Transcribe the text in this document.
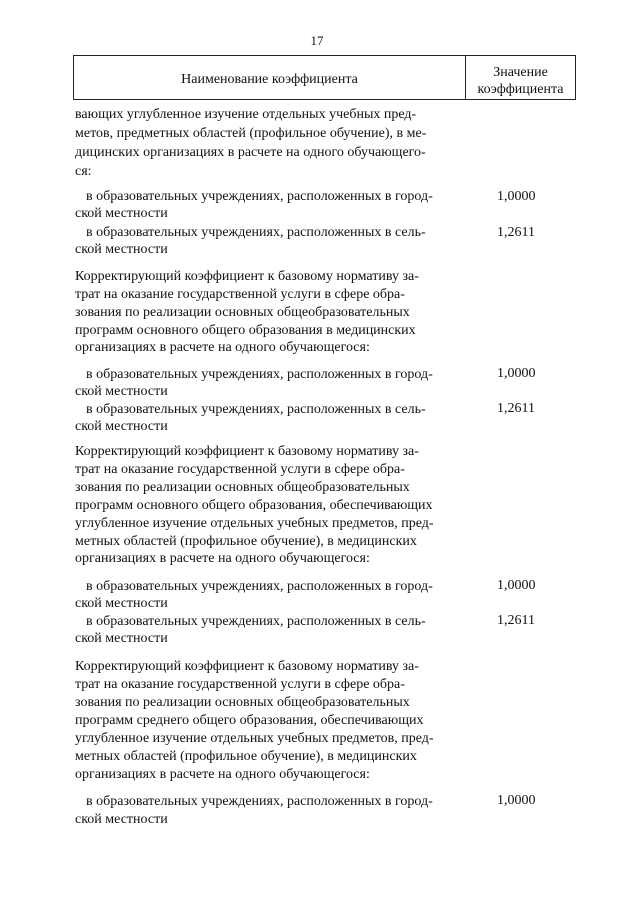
17
Наименование коэффициента	Значение
коэффициента
вающих углубленное изучение отдельных учебных пред-
метов, предметных областей (профильное обучение), в ме-
дицинских организациях в расчете на одного обучающего-
ся:
в образовательных учреждениях, расположенных в город-
ской местности
в образовательных учреждениях, расположенных в сель-
ской местности
Корректирующий коэффициент к базовому нормативу за-
трат на оказание государственной услуги в сфере обра-
зования по реализации основных общеобразовательных
программ основного общего образования в медицинских
организациях в расчете на одного обучающегося:
в образовательных учреждениях, расположенных в город-
ской местности
в образовательных учреждениях, расположенных в сель-
ской местности
Корректирующий коэффициент к базовому нормативу за-
трат на оказание государственной услуги в сфере обра-
зования по реализации основных общеобразовательных
программ основного общего образования, обеспечивающих
углубленное изучение отдельных учебных предметов, пред-
метных областей (профильное обучение), в медицинских
организациях в расчете на одного обучающегося:
в образовательных учреждениях, расположенных в город-
ской местности
в образовательных учреждениях, расположенных в сель-
ской местности
Корректирующий коэффициент к базовому нормативу за-
трат на оказание государственной услуги в сфере обра-
зования по реализации основных общеобразовательных
программ среднего общего образования, обеспечивающих
углубленное изучение отдельных учебных предметов, пред-
метных областей (профильное обучение), в медицинских
организациях в расчете на одного обучающегося:
в образовательных учреждениях, расположенных в город-
ской местности
1,0000
1,2611
1,0000
1,2611
1,0000
1,2611
1,0000
